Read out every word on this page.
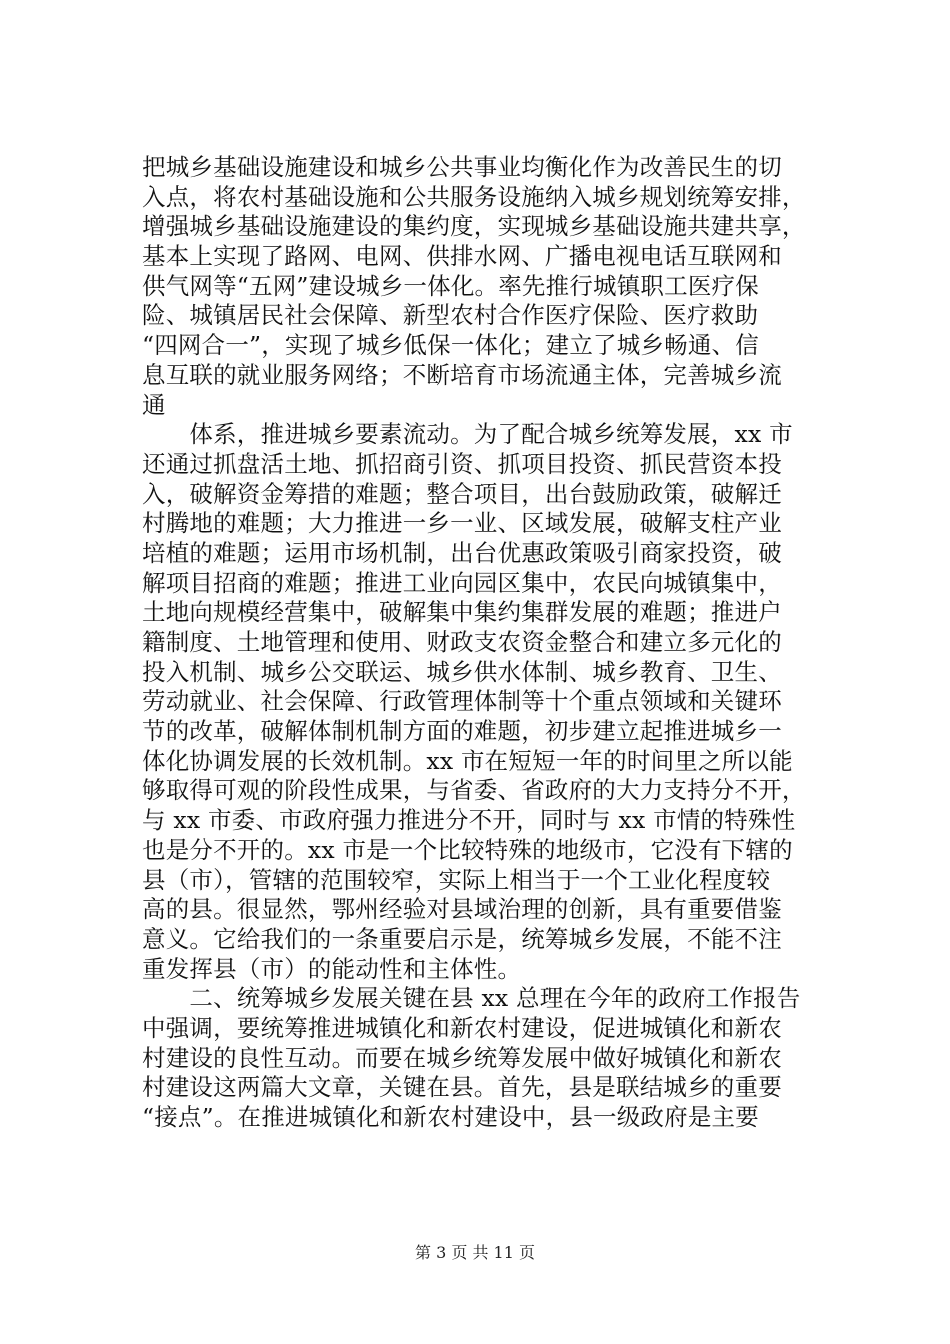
把城乡基础设施建设和城乡公共事业均衡化作为改善民生的切
入点，将农村基础设施和公共服务设施纳入城乡规划统筹安排，
增强城乡基础设施建设的集约度，实现城乡基础设施共建共享，
基本上实现了路网、电网、供排水网、广播电视电话互联网和
供气网等“五网”建设城乡一体化。率先推行城镇职工医疗保
险、城镇居民社会保障、新型农村合作医疗保险、医疗救助
“四网合一”，实现了城乡低保一体化；建立了城乡畅通、信
息互联的就业服务网络；不断培育市场流通主体，完善城乡流
通
　　体系，推进城乡要素流动。为了配合城乡统筹发展，xx 市
还通过抓盘活土地、抓招商引资、抓项目投资、抓民营资本投
入，破解资金筹措的难题；整合项目，出台鼓励政策，破解迁
村腾地的难题；大力推进一乡一业、区域发展，破解支柱产业
培植的难题；运用市场机制，出台优惠政策吸引商家投资，破
解项目招商的难题；推进工业向园区集中，农民向城镇集中，
土地向规模经营集中，破解集中集约集群发展的难题；推进户
籍制度、土地管理和使用、财政支农资金整合和建立多元化的
投入机制、城乡公交联运、城乡供水体制、城乡教育、卫生、
劳动就业、社会保障、行政管理体制等十个重点领域和关键环
节的改革，破解体制机制方面的难题，初步建立起推进城乡一
体化协调发展的长效机制。xx 市在短短一年的时间里之所以能
够取得可观的阶段性成果，与省委、省政府的大力支持分不开，
与 xx 市委、市政府强力推进分不开，同时与 xx 市情的特殊性
也是分不开的。xx 市是一个比较特殊的地级市，它没有下辖的
县（市），管辖的范围较窄，实际上相当于一个工业化程度较
高的县。很显然，鄂州经验对县域治理的创新，具有重要借鉴
意义。它给我们的一条重要启示是，统筹城乡发展，不能不注
重发挥县（市）的能动性和主体性。
　　二、统筹城乡发展关键在县 xx 总理在今年的政府工作报告
中强调，要统筹推进城镇化和新农村建设，促进城镇化和新农
村建设的良性互动。而要在城乡统筹发展中做好城镇化和新农
村建设这两篇大文章，关键在县。首先，县是联结城乡的重要
“接点”。在推进城镇化和新农村建设中，县一级政府是主要
第 3 页 共 11 页
